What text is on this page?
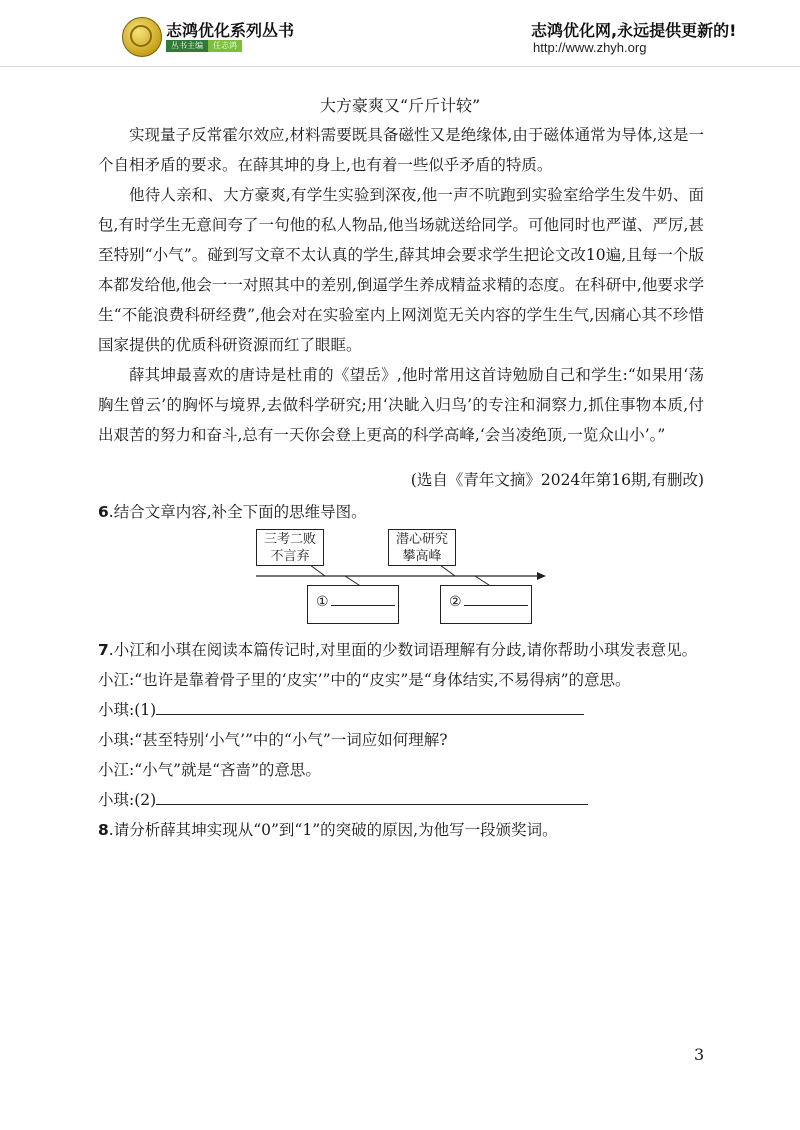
志鸿优化系列丛书
丛书主编	任志鸿
志鸿优化网,永远提供更新的!
http://www.zhyh.org
大方豪爽又“斤斤计较”

实现量子反常霍尔效应,材料需要既具备磁性又是绝缘体,由于磁体通常为导体,这是一个自相矛盾的要求。在薛其坤的身上,也有着一些似乎矛盾的特质。

他待人亲和、大方豪爽,有学生实验到深夜,他一声不吭跑到实验室给学生发牛奶、面包,有时学生无意间夸了一句他的私人物品,他当场就送给同学。可他同时也严谨、严厉,甚至特别“小气”。碰到写文章不太认真的学生,薛其坤会要求学生把论文改10遍,且每一个版本都发给他,他会一一对照其中的差别,倒逼学生养成精益求精的态度。在科研中,他要求学生“不能浪费科研经费”,他会对在实验室内上网浏览无关内容的学生生气,因痛心其不珍惜国家提供的优质科研资源而红了眼眶。

薛其坤最喜欢的唐诗是杜甫的《望岳》,他时常用这首诗勉励自己和学生:“如果用‘荡胸生曾云’的胸怀与境界,去做科学研究;用‘决眦入归鸟’的专注和洞察力,抓住事物本质,付出艰苦的努力和奋斗,总有一天你会登上更高的科学高峰,‘会当凌绝顶,一览众山小’。”

(选自《青年文摘》2024年第16期,有删改)
6.结合文章内容,补全下面的思维导图。
三考二败
不言弃
潜心研究
攀高峰
①	②
7.小江和小琪在阅读本篇传记时,对里面的少数词语理解有分歧,请你帮助小琪发表意见。
小江:“也许是靠着骨子里的‘皮实’”中的“皮实”是“身体结实,不易得病”的意思。
小琪:(1)
小琪:“甚至特别‘小气’”中的“小气”一词应如何理解?
小江:“小气”就是“吝啬”的意思。
小琪:(2)
8.请分析薛其坤实现从“0”到“1”的突破的原因,为他写一段颁奖词。
3
